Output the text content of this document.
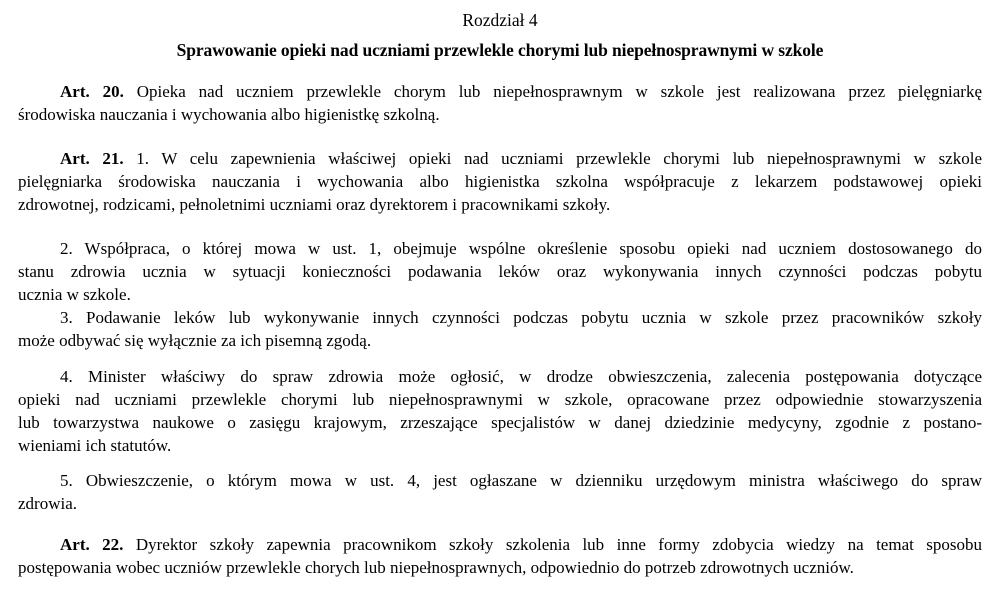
Rozdział 4
Sprawowanie opieki nad uczniami przewlekle chorymi lub niepełnosprawnymi w szkole
Art. 20. Opieka nad uczniem przewlekle chorym lub niepełnosprawnym w szkole jest realizowana przez pielęgniarkę
środowiska nauczania i wychowania albo higienistkę szkolną.
Art. 21. 1. W celu zapewnienia właściwej opieki nad uczniami przewlekle chorymi lub niepełnosprawnymi w szkole
pielęgniarka środowiska nauczania i wychowania albo higienistka szkolna współpracuje z lekarzem podstawowej opieki
zdrowotnej, rodzicami, pełnoletnimi uczniami oraz dyrektorem i pracownikami szkoły.
2. Współpraca, o której mowa w ust. 1, obejmuje wspólne określenie sposobu opieki nad uczniem dostosowanego do
stanu zdrowia ucznia w sytuacji konieczności podawania leków oraz wykonywania innych czynności podczas pobytu
ucznia w szkole.
3. Podawanie leków lub wykonywanie innych czynności podczas pobytu ucznia w szkole przez pracowników szkoły
może odbywać się wyłącznie za ich pisemną zgodą.
4. Minister właściwy do spraw zdrowia może ogłosić, w drodze obwieszczenia, zalecenia postępowania dotyczące
opieki nad uczniami przewlekle chorymi lub niepełnosprawnymi w szkole, opracowane przez odpowiednie stowarzyszenia
lub towarzystwa naukowe o zasięgu krajowym, zrzeszające specjalistów w danej dziedzinie medycyny, zgodnie z postano-
wieniami ich statutów.
5. Obwieszczenie, o którym mowa w ust. 4, jest ogłaszane w dzienniku urzędowym ministra właściwego do spraw
zdrowia.
Art. 22. Dyrektor szkoły zapewnia pracownikom szkoły szkolenia lub inne formy zdobycia wiedzy na temat sposobu
postępowania wobec uczniów przewlekle chorych lub niepełnosprawnych, odpowiednio do potrzeb zdrowotnych uczniów.
